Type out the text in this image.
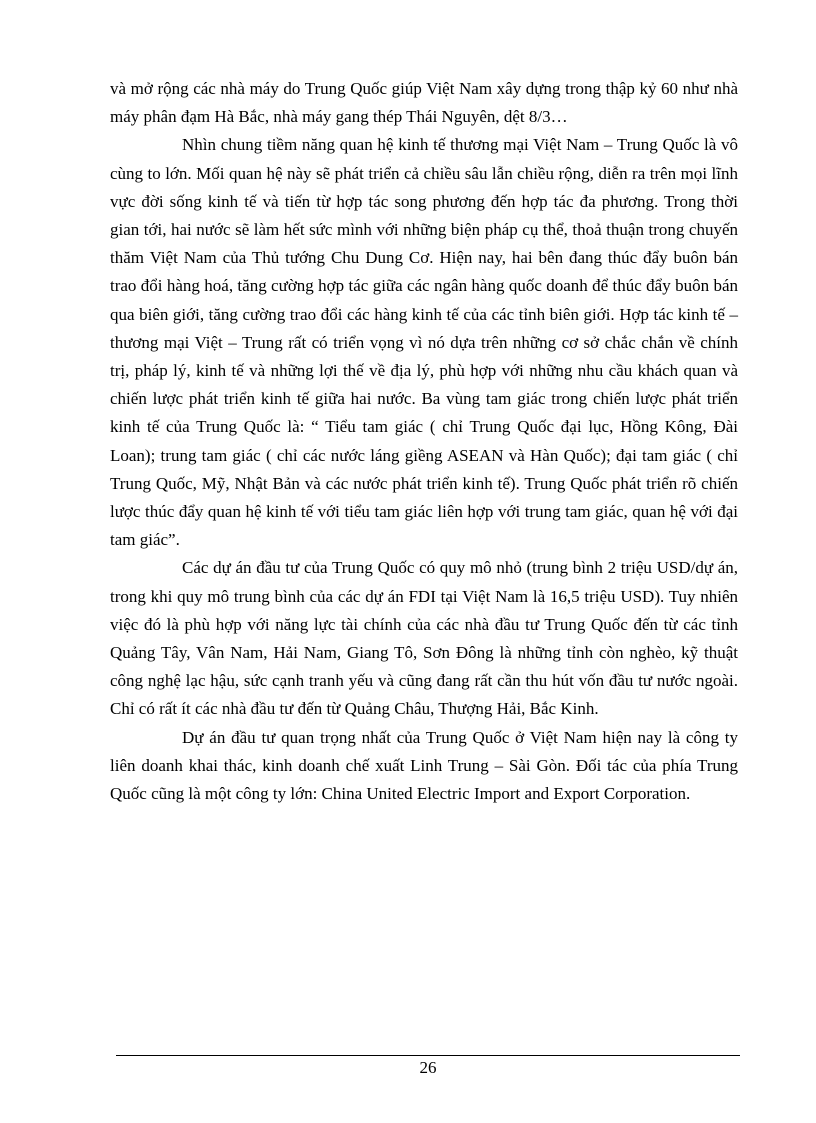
và mở rộng các nhà máy do Trung Quốc giúp Việt Nam xây dựng trong thập kỷ 60 như nhà máy phân đạm Hà Bắc, nhà máy gang thép Thái Nguyên, dệt 8/3…

Nhìn chung tiềm năng quan hệ kinh tế thương mại Việt Nam – Trung Quốc là vô cùng to lớn. Mối quan hệ này sẽ phát triển cả chiều sâu lẫn chiều rộng, diễn ra trên mọi lĩnh vực đời sống kinh tế và tiến từ hợp tác song phương đến hợp tác đa phương. Trong thời gian tới, hai nước sẽ làm hết sức mình với những biện pháp cụ thể, thoả thuận trong chuyến thăm Việt Nam của Thủ tướng Chu Dung Cơ. Hiện nay, hai bên đang thúc đẩy buôn bán trao đổi hàng hoá, tăng cường hợp tác giữa các ngân hàng quốc doanh để thúc đẩy buôn bán qua biên giới, tăng cường trao đổi các hàng kinh tế của các tỉnh biên giới. Hợp tác kinh tế – thương mại Việt – Trung rất có triển vọng vì nó dựa trên những cơ sở chắc chắn về chính trị, pháp lý, kinh tế và những lợi thế về địa lý, phù hợp với những nhu cầu khách quan và chiến lược phát triển kinh tế giữa hai nước. Ba vùng tam giác trong chiến lược phát triển kinh tế của Trung Quốc là: “ Tiểu tam giác ( chỉ Trung Quốc đại lục, Hồng Kông, Đài Loan); trung tam giác ( chỉ các nước láng giềng ASEAN và Hàn Quốc); đại tam giác ( chỉ Trung Quốc, Mỹ, Nhật Bản và các nước phát triển kinh tế). Trung Quốc phát triển rõ chiến lược thúc đẩy quan hệ kinh tế với tiểu tam giác liên hợp với trung tam giác, quan hệ với đại tam giác”.

Các dự án đầu tư của Trung Quốc có quy mô nhỏ (trung bình 2 triệu USD/dự án, trong khi quy mô trung bình của các dự án FDI tại Việt Nam là 16,5 triệu USD). Tuy nhiên việc đó là phù hợp với năng lực tài chính của các nhà đầu tư Trung Quốc đến từ các tỉnh Quảng Tây, Vân Nam, Hải Nam, Giang Tô, Sơn Đông là những tỉnh còn nghèo, kỹ thuật công nghệ lạc hậu, sức cạnh tranh yếu và cũng đang rất cần thu hút vốn đầu tư nước ngoài. Chỉ có rất ít các nhà đầu tư đến từ Quảng Châu, Thượng Hải, Bắc Kinh.

Dự án đầu tư quan trọng nhất của Trung Quốc ở Việt Nam hiện nay là công ty liên doanh khai thác, kinh doanh chế xuất Linh Trung – Sài Gòn. Đối tác của phía Trung Quốc cũng là một công ty lớn: China United Electric Import and Export Corporation.

26
